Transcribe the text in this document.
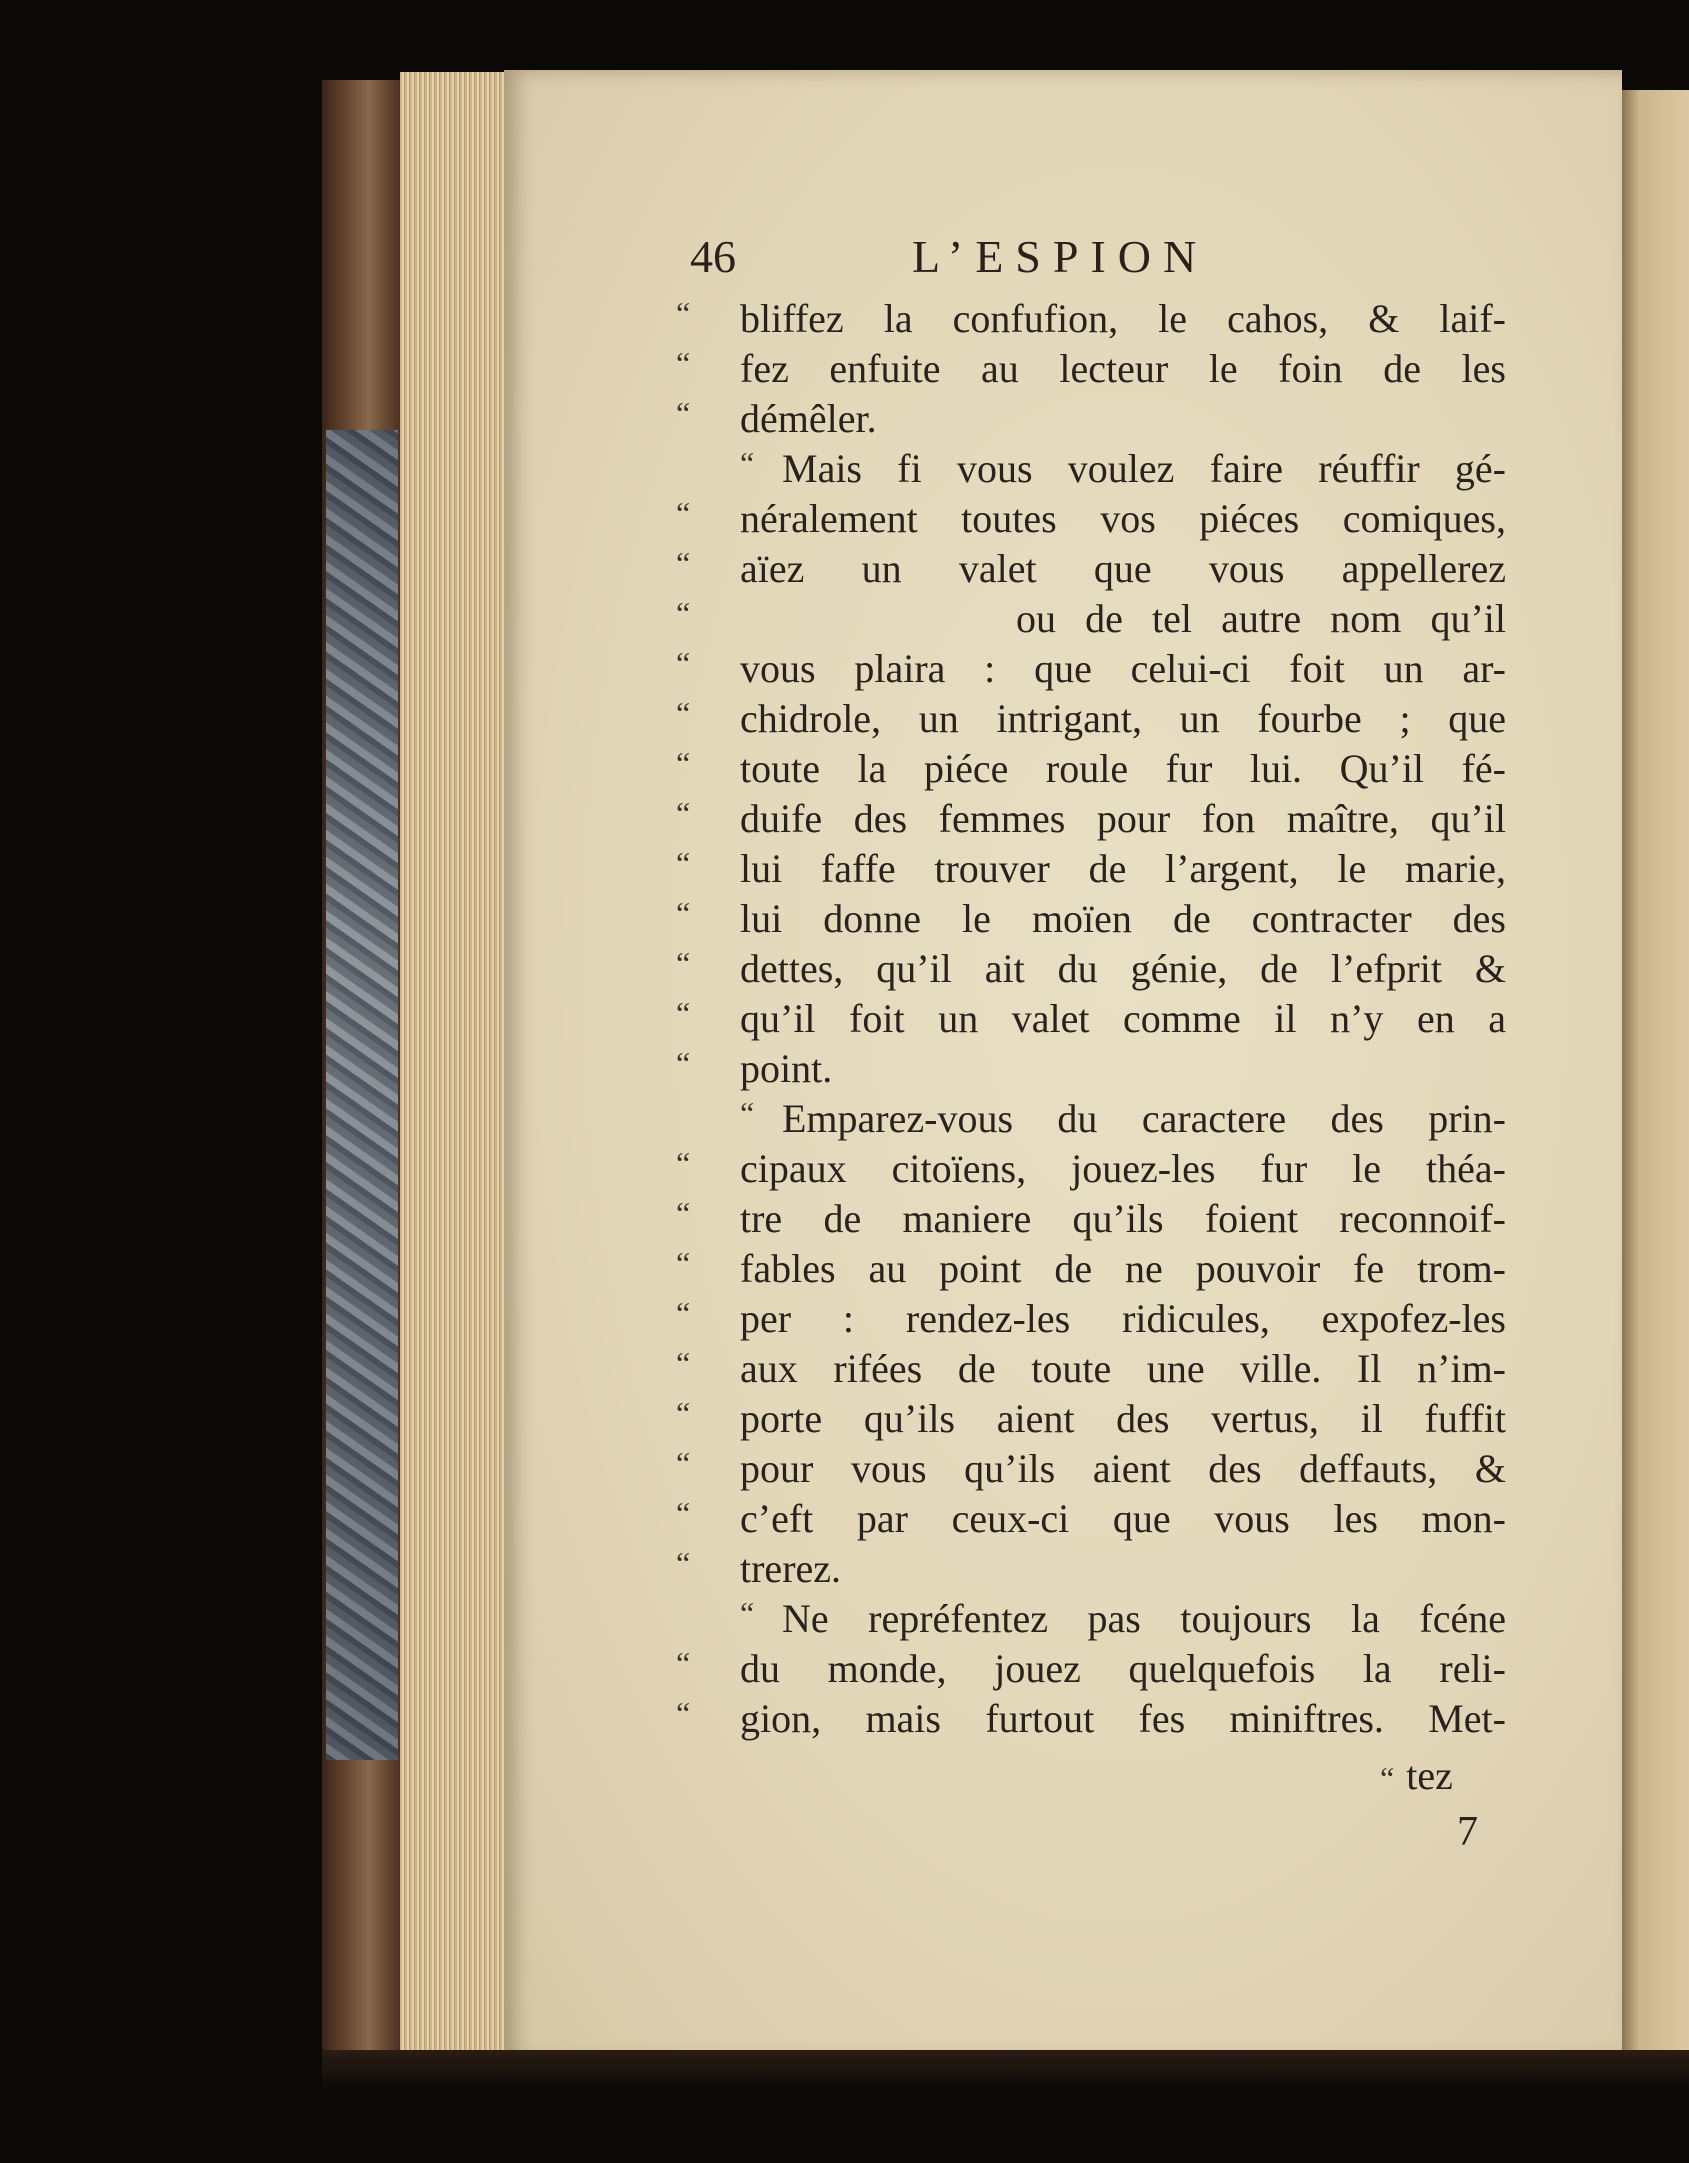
46	L’ESPION
“	bliffez la confufion, le cahos, & laif-
“	fez enfuite au lecteur le foin de les
“	démêler.
“ Mais fi vous voulez faire réuffir gé-
“	néralement toutes vos piéces comiques,
“	aïez un valet que vous appellerez
“	ou de tel autre nom qu’il
“	vous plaira : que celui-ci foit un ar-
“	chidrole, un intrigant, un fourbe ; que
“	toute la piéce roule fur lui. Qu’il fé-
“	duife des femmes pour fon maître, qu’il
“	lui faffe trouver de l’argent, le marie,
“	lui donne le moïen de contracter des
“	dettes, qu’il ait du génie, de l’efprit &
“	qu’il foit un valet comme il n’y en a
“	point.
“ Emparez-vous du caractere des prin-
“	cipaux citoïens, jouez-les fur le théa-
“	tre de maniere qu’ils foient reconnoif-
“	fables au point de ne pouvoir fe trom-
“	per : rendez-les ridicules, expofez-les
“	aux rifées de toute une ville. Il n’im-
“	porte qu’ils aient des vertus, il fuffit
“	pour vous qu’ils aient des deffauts, &
“	c’eft par ceux-ci que vous les mon-
“	trerez.
“ Ne repréfentez pas toujours la fcéne
“	du monde, jouez quelquefois la reli-
“	gion, mais furtout fes miniftres. Met-
“ tez
7
